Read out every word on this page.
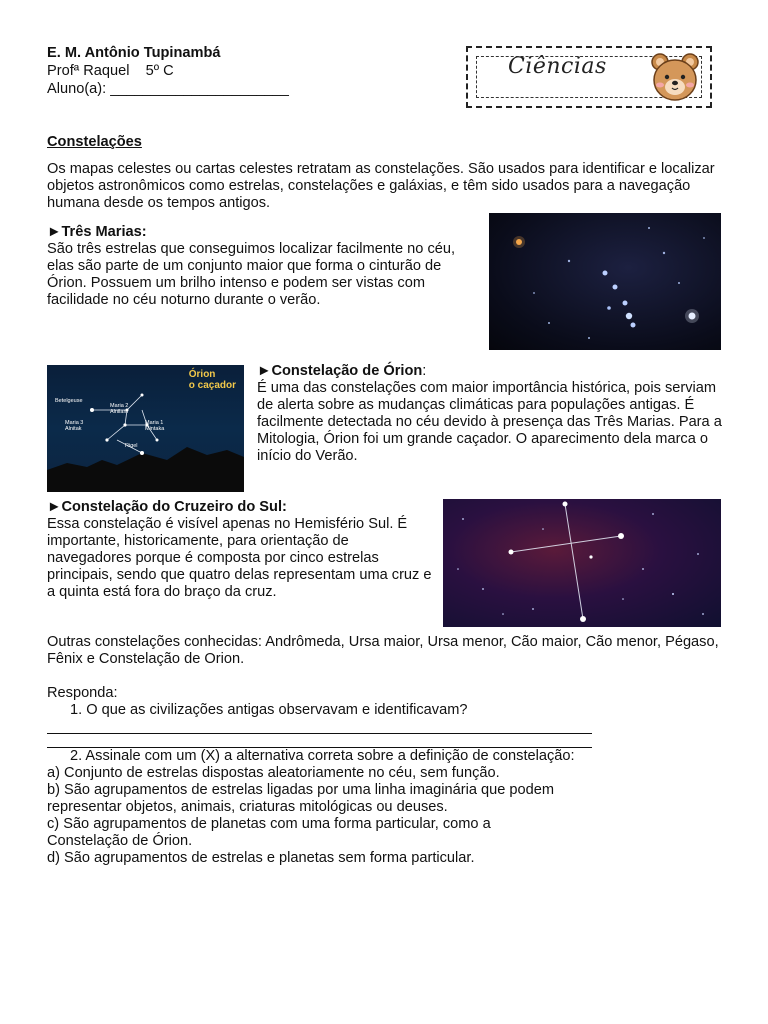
E. M. Antônio Tupinambá
Profª Raquel    5º C
Aluno(a): ______________________
Ciências
Constelações

Os mapas celestes ou cartas celestes retratam as constelações. São usados para identificar e localizar objetos astronômicos como estrelas, constelações e galáxias, e têm sido usados para a navegação humana desde os tempos antigos.

►Três Marias:

São três estrelas que conseguimos localizar facilmente no céu, elas são parte de um conjunto maior que forma o cinturão de Órion. Possuem um brilho intenso e podem ser vistas com facilidade no céu noturno durante o verão.

Órion
o caçador
Betelgeuse
Maria 2
Alnilam
Maria 3
Alnitak
Maria 1
Mintaka
Rigel

►Constelação de Órion:

É uma das constelações com maior importância histórica, pois serviam de alerta sobre as mudanças climáticas para populações antigas. É facilmente detectada no céu devido à presença das Três Marias. Para a Mitologia, Órion foi um grande caçador. O aparecimento dela marca o início do Verão.

►Constelação do Cruzeiro do Sul:

Essa constelação é visível apenas no Hemisfério Sul. É importante, historicamente, para orientação de navegadores porque é composta por cinco estrelas principais, sendo que quatro delas representam uma cruz e a quinta está fora do braço da cruz.

Outras constelações conhecidas: Andrômeda, Ursa maior, Ursa menor, Cão maior, Cão menor, Pégaso, Fênix e Constelação de Orion.

Responda:

1. O que as civilizações antigas observavam e identificavam?

2. Assinale com um (X) a alternativa correta sobre a definição de constelação:

a) Conjunto de estrelas dispostas aleatoriamente no céu, sem função.

b) São agrupamentos de estrelas ligadas por uma linha imaginária que podem representar objetos, animais, criaturas mitológicas ou deuses.

c) São agrupamentos de planetas com uma forma particular, como a Constelação de Órion.

d) São agrupamentos de estrelas e planetas sem forma particular.
